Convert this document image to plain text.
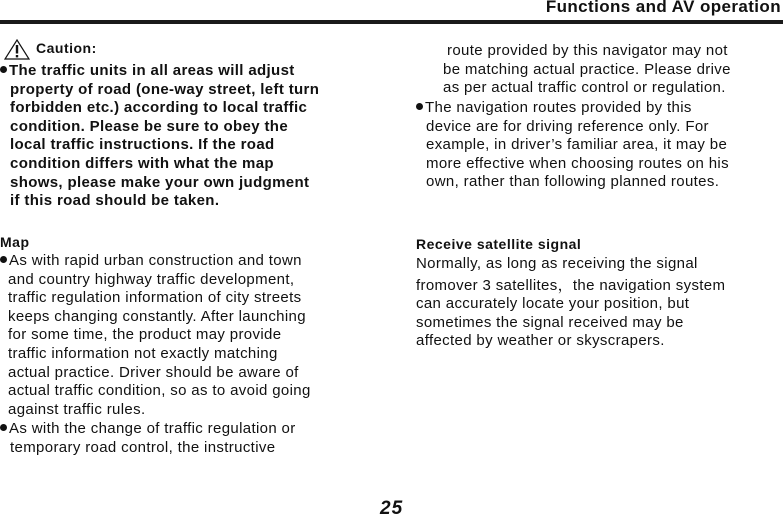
Functions and AV operation
Caution:
The traffic units in all areas will adjust
property of road (one-way street, left turn
forbidden etc.) according to local traffic
condition. Please be sure to obey the
local traffic instructions. If the road
condition differs with what the map
shows, please make your own judgment
if this road should be taken.
Map
As with rapid urban construction and town
and country highway traffic development,
traffic regulation information of city streets
keeps changing constantly. After launching
for some time, the product may provide
traffic information not exactly matching
actual practice. Driver should be aware of
actual traffic condition, so as to avoid going
against traffic rules.
As with the change of traffic regulation or
temporary road control, the instructive
route provided by this navigator may not
be matching actual practice. Please drive
as per actual traffic control or regulation.
The navigation routes provided by this
device are for driving reference only. For
example, in driver’s familiar area, it may be
more effective when choosing routes on his
own, rather than following planned routes.
Receive satellite signal
Normally, as long as receiving the signal
fromover 3 satellites，the navigation system
can accurately locate your position, but
sometimes the signal received may be
affected by weather or skyscrapers.
25
